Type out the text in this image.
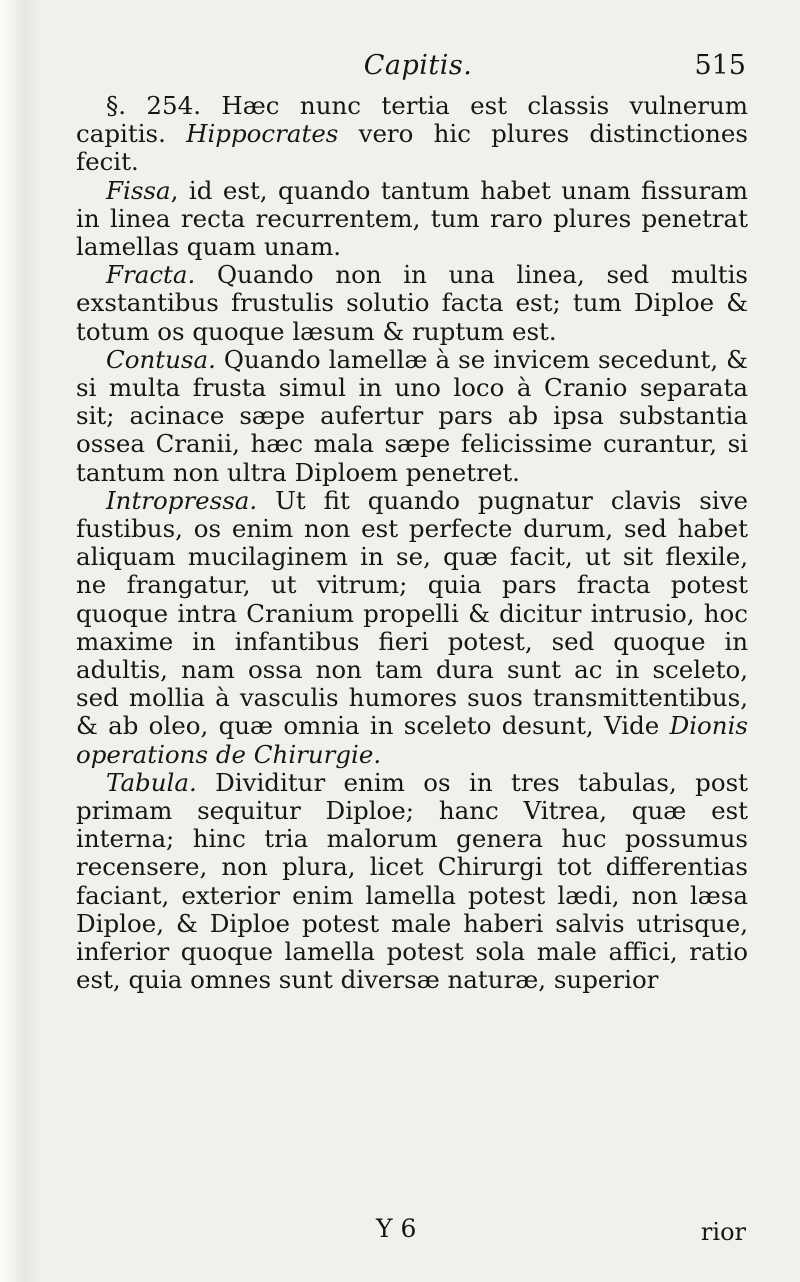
Capitis.	515

§. 254. Hæc nunc tertia est classis vulnerum capitis. Hippocrates vero hic plures distinctiones fecit.

Fissa, id est, quando tantum habet unam fissuram in linea recta recurrentem, tum raro plures penetrat lamellas quam unam.

Fracta. Quando non in una linea, sed multis exstantibus frustulis solutio facta est; tum Diploe & totum os quoque læsum & ruptum est.

Contusa. Quando lamellæ à se invicem secedunt, & si multa frusta simul in uno loco à Cranio separata sit; acinace sæpe aufertur pars ab ipsa substantia ossea Cranii, hæc mala sæpe felicissime curantur, si tantum non ultra Diploem penetret.

Intropressa. Ut fit quando pugnatur clavis sive fustibus, os enim non est perfecte durum, sed habet aliquam mucilaginem in se, quæ facit, ut sit flexile, ne frangatur, ut vitrum; quia pars fracta potest quoque intra Cranium propelli & dicitur intrusio, hoc maxime in infantibus fieri potest, sed quoque in adultis, nam ossa non tam dura sunt ac in sceleto, sed mollia à vasculis humores suos transmittentibus, & ab oleo, quæ omnia in sceleto desunt, Vide Dionis operations de Chirurgie.

Tabula. Dividitur enim os in tres tabulas, post primam sequitur Diploe; hanc Vitrea, quæ est interna; hinc tria malorum genera huc possumus recensere, non plura, licet Chirurgi tot differentias faciant, exterior enim lamella potest lædi, non læsa Diploe, & Diploe potest male haberi salvis utrisque, inferior quoque lamella potest sola male affici, ratio est, quia omnes sunt diversæ naturæ, superior

Y 6	rior
